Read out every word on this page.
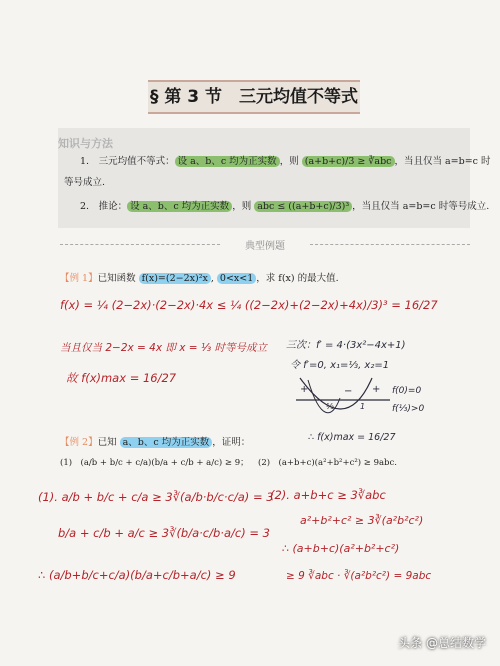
§ 第 3 节　三元均值不等式
知识与方法
1.　三元均值不等式： 设 a、b、c 均为正实数 ，则 (a+b+c)/3 ≥ ∛abc ，当且仅当 a=b=c 时
等号成立.
2.　推论： 设 a、b、c 均为正实数 ，则 abc ≤ ((a+b+c)/3)³ ，当且仅当 a=b=c 时等号成立.
典型例题
【例 1】已知函数 f(x)=(2−2x)²x , 0<x<1 ，求 f(x) 的最大值.
f(x) = ¼ (2−2x)·(2−2x)·4x ≤ ¼ ((2−2x)+(2−2x)+4x)/3)³ = 16/27
当且仅当 2−2x = 4x 即 x = ⅓ 时等号成立
故 f(x)max = 16/27
三次：f′ = 4·(3x²−4x+1)
令 f′=0, x₁=⅓, x₂=1
f(0)=0
f(⅓)>0
∴ f(x)max = 16/27
+	− +
⅓	1
【例 2】已知 a、b、c 均为正实数 ，证明：
(1)　(a/b + b/c + c/a)(b/a + c/b + a/c) ≥ 9； (2)　(a+b+c)(a²+b²+c²) ≥ 9abc.
(1). a/b + b/c + c/a ≥ 3∛(a/b·b/c·c/a) = 3
b/a + c/b + a/c ≥ 3∛(b/a·c/b·a/c) = 3
∴ (a/b+b/c+c/a)(b/a+c/b+a/c) ≥ 9
(2). a+b+c ≥ 3∛abc
a²+b²+c² ≥ 3∛(a²b²c²)
∴ (a+b+c)(a²+b²+c²)
≥ 9 ∛abc · ∛(a²b²c²) = 9abc
头条 @总结数学
